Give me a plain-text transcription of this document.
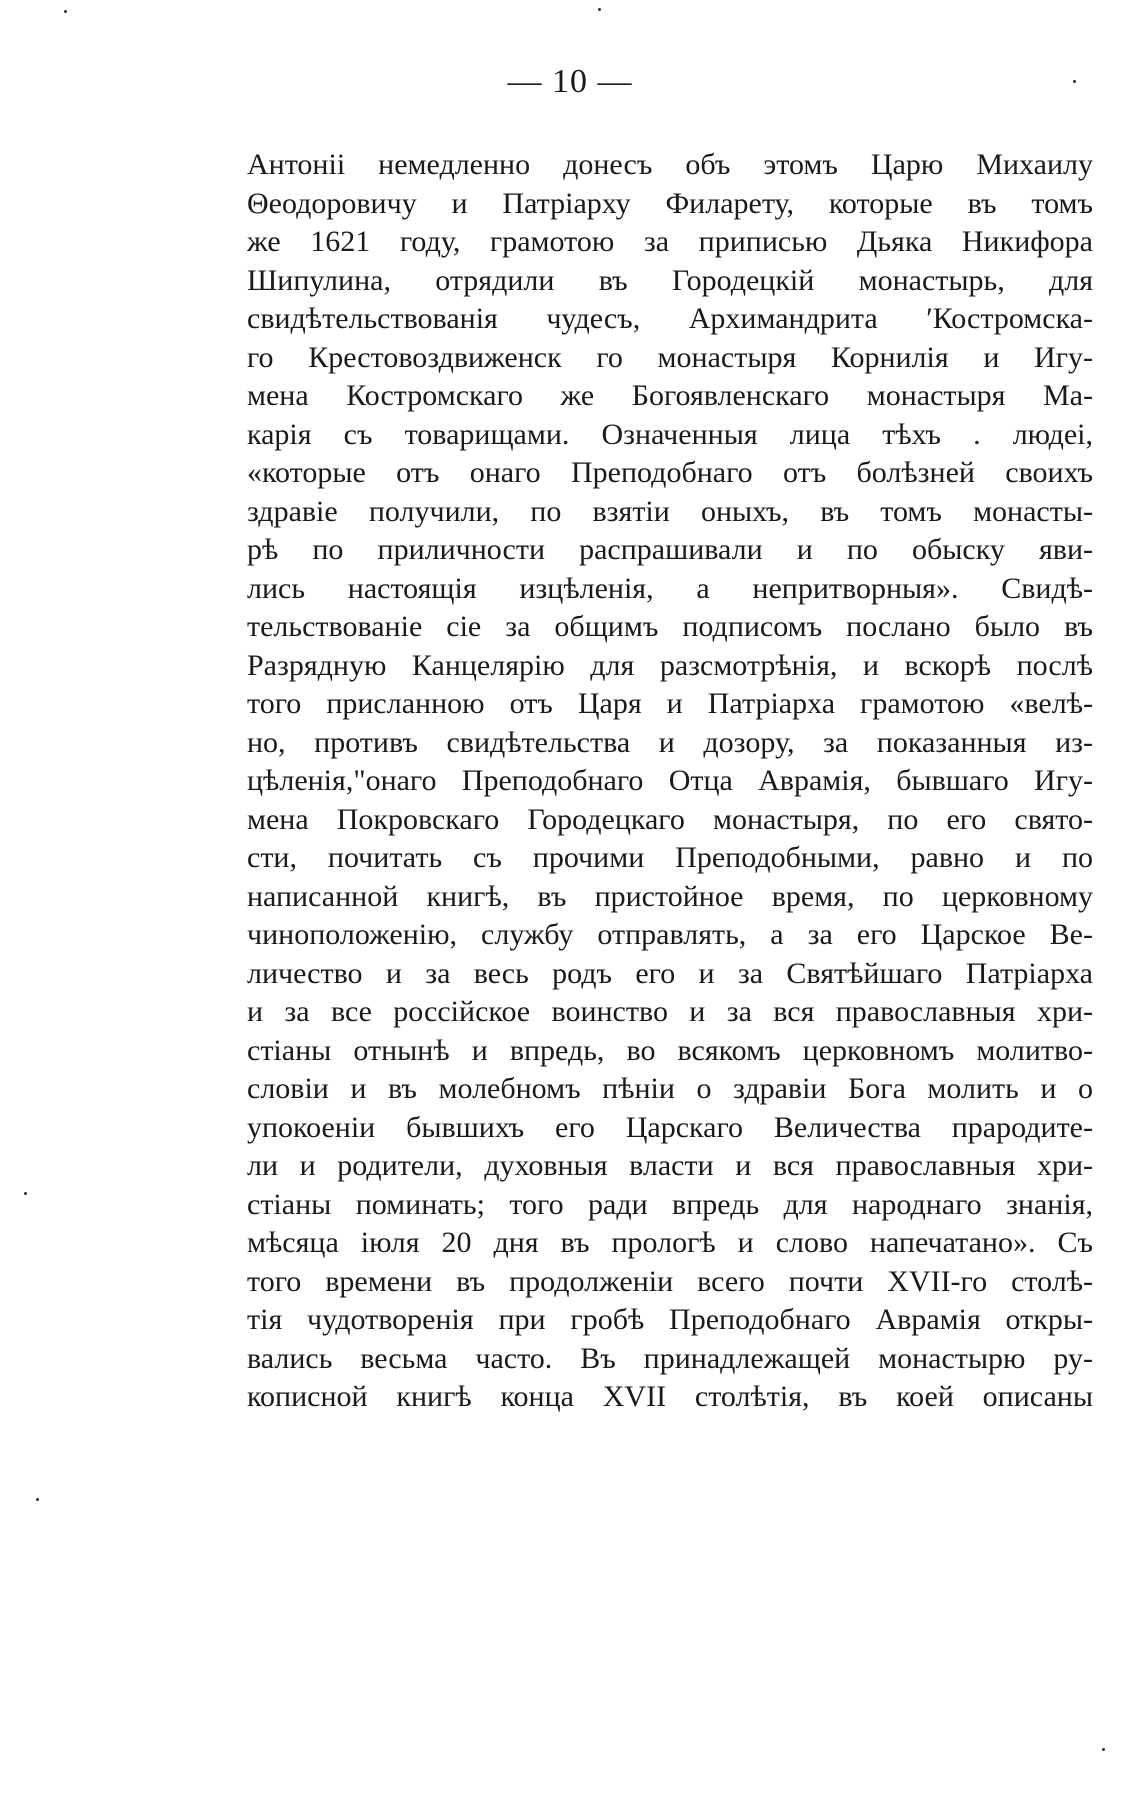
— 10 —
Антоніі немедленно донесъ объ этомъ Царю Михаилу
Θеодоровичу и Патріарху Филарету, которые въ томъ
же 1621 году, грамотою за приписью Дьяка Никифора
Шипулина, отрядили въ Городецкій монастырь, для
свидѣтельствованія чудесъ, Архимандрита ʹКостромска-
го Крестовоздвиженск го монастыря Корнилія и Игу-
мена Костромскаго же Богоявленскаго монастыря Ма-
карія съ товарищами. Означенныя лица тѣхъ . людеі,
«которые отъ онаго Преподобнаго отъ болѣзней своихъ
здравіе получили, по взятіи оныхъ, въ томъ монасты-
рѣ по приличности распрашивали и по обыску яви-
лись настоящія изцѣленія, а непритворныя». Свидѣ-
тельствованіе сіе за общимъ подписомъ послано было въ
Разрядную Канцелярію для разсмотрѣнія, и вскорѣ послѣ
того присланною отъ Царя и Патріарха грамотою «велѣ-
но, противъ свидѣтельства и дозору, за показанныя из-
цѣленія,"онаго Преподобнаго Отца Аврамія, бывшаго Игу-
мена Покровскаго Городецкаго монастыря, по его свято-
сти, почитать съ прочими Преподобными, равно и по
написанной книгѣ, въ пристойное время, по церковному
чиноположенію, службу отправлять, а за его Царское Ве-
личество и за весь родъ его и за Святѣйшаго Патріарха
и за все россійское воинство и за вся православныя хри-
стіаны отнынѣ и впредь, во всякомъ церковномъ молитво-
словіи и въ молебномъ пѣніи о здравіи Бога молить и о
упокоеніи бывшихъ его Царскаго Величества прародите-
ли и родители, духовныя власти и вся православныя хри-
стіаны поминать; того ради впредь для народнаго знанія,
мѣсяца іюля 20 дня въ прологѣ и слово напечатано». Съ
того времени въ продолженіи всего почти XVII-го столѣ-
тія чудотворенія при гробѣ Преподобнаго Аврамія откры-
вались весьма часто. Въ принадлежащей монастырю ру-
кописной книгѣ конца XVII столѣтія, въ коей описаны
